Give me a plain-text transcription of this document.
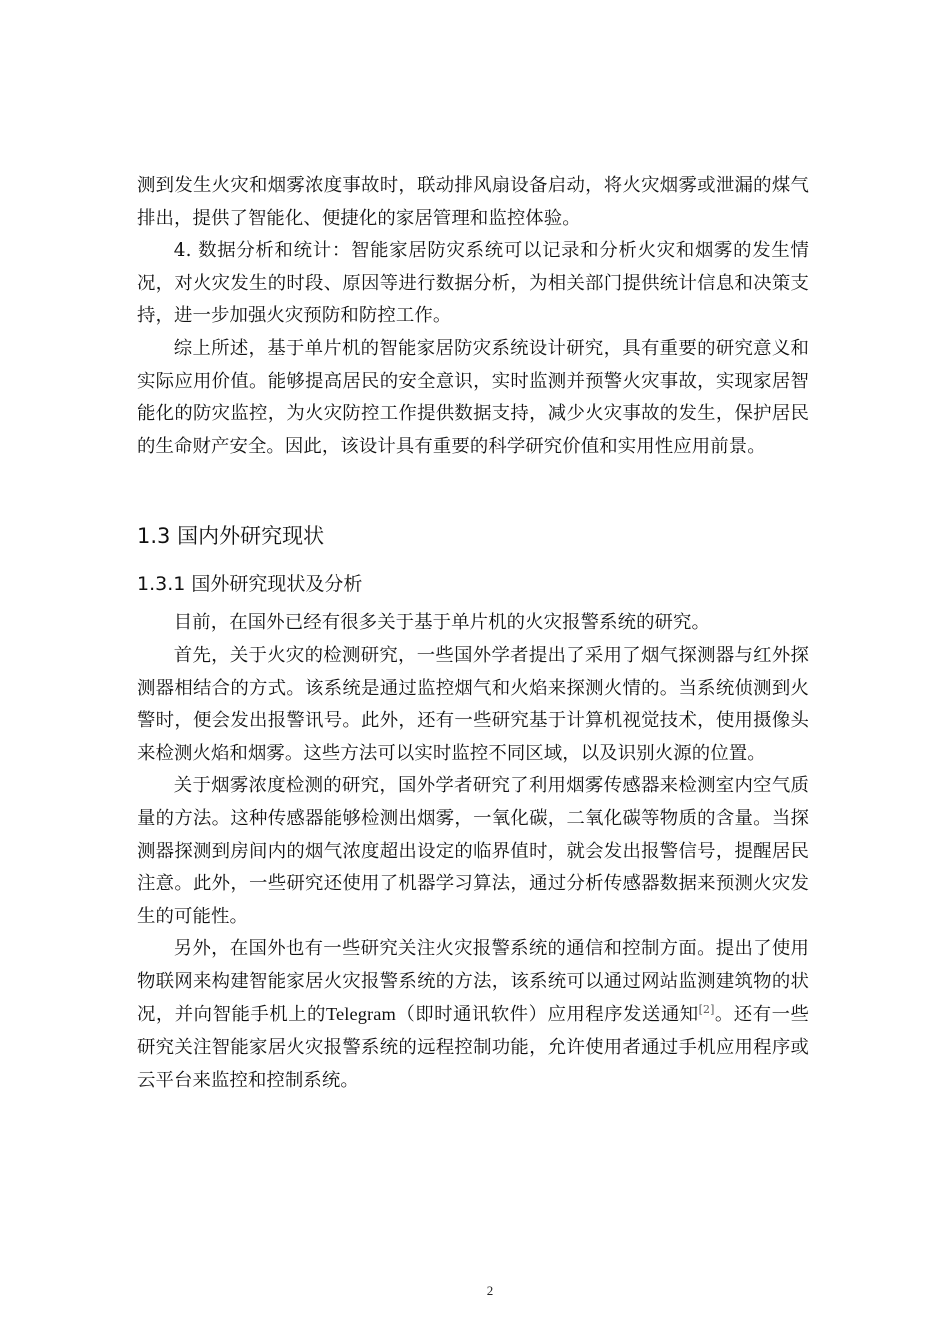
测到发生火灾和烟雾浓度事故时，联动排风扇设备启动，将火灾烟雾或泄漏的煤气排出，提供了智能化、便捷化的家居管理和监控体验。

4. 数据分析和统计：智能家居防灾系统可以记录和分析火灾和烟雾的发生情况，对火灾发生的时段、原因等进行数据分析，为相关部门提供统计信息和决策支持，进一步加强火灾预防和防控工作。

综上所述，基于单片机的智能家居防灾系统设计研究，具有重要的研究意义和实际应用价值。能够提高居民的安全意识，实时监测并预警火灾事故，实现家居智能化的防灾监控，为火灾防控工作提供数据支持，减少火灾事故的发生，保护居民的生命财产安全。因此，该设计具有重要的科学研究价值和实用性应用前景。

1.3 国内外研究现状
1.3.1 国外研究现状及分析

目前，在国外已经有很多关于基于单片机的火灾报警系统的研究。

首先，关于火灾的检测研究，一些国外学者提出了采用了烟气探测器与红外探测器相结合的方式。该系统是通过监控烟气和火焰来探测火情的。当系统侦测到火警时，便会发出报警讯号。此外，还有一些研究基于计算机视觉技术，使用摄像头来检测火焰和烟雾。这些方法可以实时监控不同区域，以及识别火源的位置。

关于烟雾浓度检测的研究，国外学者研究了利用烟雾传感器来检测室内空气质量的方法。这种传感器能够检测出烟雾，一氧化碳，二氧化碳等物质的含量。当探测器探测到房间内的烟气浓度超出设定的临界值时，就会发出报警信号，提醒居民注意。此外，一些研究还使用了机器学习算法，通过分析传感器数据来预测火灾发生的可能性。

另外，在国外也有一些研究关注火灾报警系统的通信和控制方面。提出了使用物联网来构建智能家居火灾报警系统的方法，该系统可以通过网站监测建筑物的状况，并向智能手机上的Telegram（即时通讯软件）应用程序发送通知[2]。还有一些研究关注智能家居火灾报警系统的远程控制功能，允许使用者通过手机应用程序或云平台来监控和控制系统。

2
